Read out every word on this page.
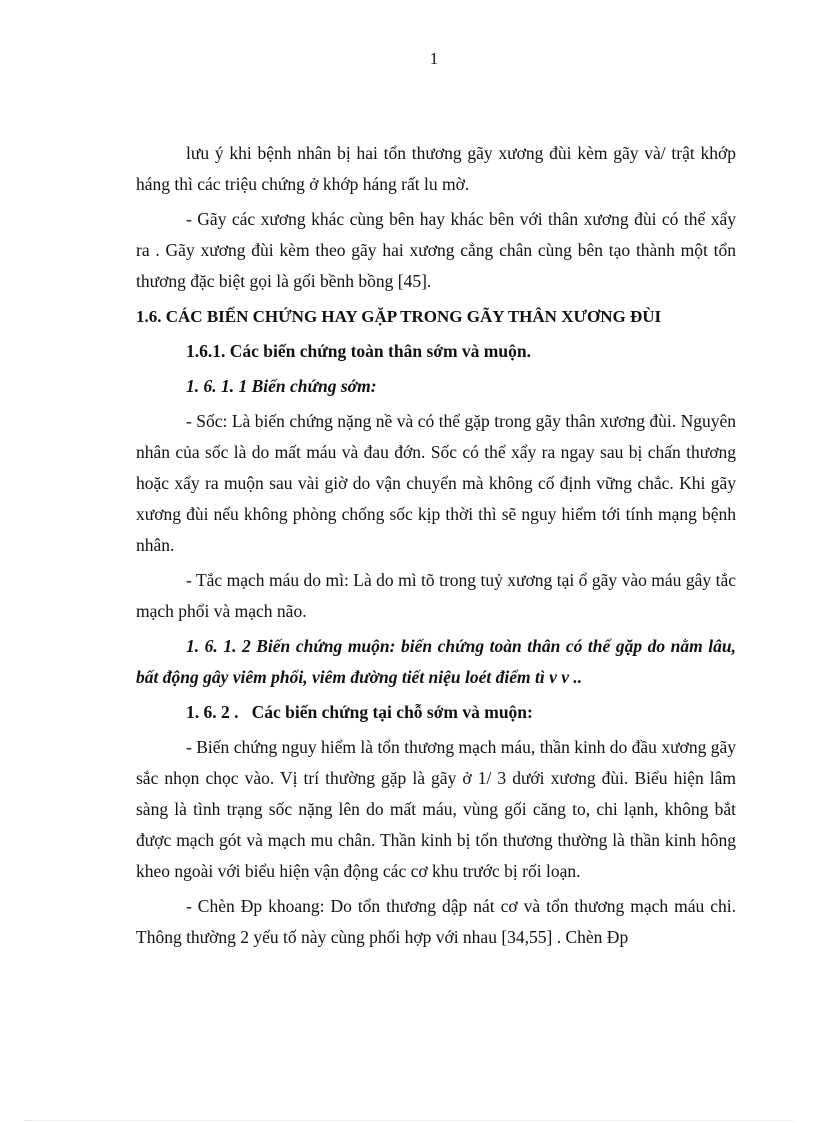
1

lưu ý khi bệnh nhân bị hai tổn thương gãy xương đùi kèm gãy và/ trật khớp háng thì các triệu chứng ở khớp háng rất lu mờ.

- Gãy các xương khác cùng bên hay khác bên với thân xương đùi có thể xẩy ra . Gãy xương đùi kèm theo gãy hai xương cẳng chân cùng bên tạo thành một tổn thương đặc biệt gọi là gối bềnh bồng [45].

1.6. CÁC BIẾN CHỨNG HAY GẶP TRONG GÃY THÂN XƯƠNG ĐÙI

1.6.1. Các biến chứng toàn thân sớm và muộn.

1. 6. 1. 1 Biến chứng sớm:

- Sốc: Là biến chứng nặng nề và có thể gặp trong gãy thân xương đùi. Nguyên nhân của sốc là do mất máu và đau đớn. Sốc có thể xẩy ra ngay sau bị chấn thương hoặc xẩy ra muộn sau vài giờ do vận chuyển mà không cố định vững chắc. Khi gãy xương đùi nếu không phòng chống sốc kịp thời thì sẽ nguy hiểm tới tính mạng bệnh nhân.

- Tắc mạch máu do mì: Là do mì tõ trong tuỷ xương tại ổ gãy vào máu gây tắc mạch phổi và mạch não.

1. 6. 1. 2 Biến chứng muộn: biến chứng toàn thân có thể gặp do nằm lâu, bất động gây viêm phổi, viêm đường tiết niệu loét điểm tì v v ..

1. 6. 2 .   Các biến chứng tại chỗ sớm và muộn:

- Biến chứng nguy hiểm là tổn thương mạch máu, thần kinh do đầu xương gãy sắc nhọn chọc vào. Vị trí thường gặp là gãy ở 1/ 3 dưới xương đùi. Biểu hiện lâm sàng là tình trạng sốc nặng lên do mất máu, vùng gối căng to, chi lạnh, không bắt được mạch gót và mạch mu chân. Thần kinh bị tổn thương thường là thần kinh hông kheo ngoài với biểu hiện vận động các cơ khu trước bị rối loạn.

- Chèn Ðp khoang: Do tổn thương dập nát cơ và tổn thương mạch máu chi. Thông thường 2 yếu tố này cùng phối hợp với nhau [34,55] . Chèn Ðp
